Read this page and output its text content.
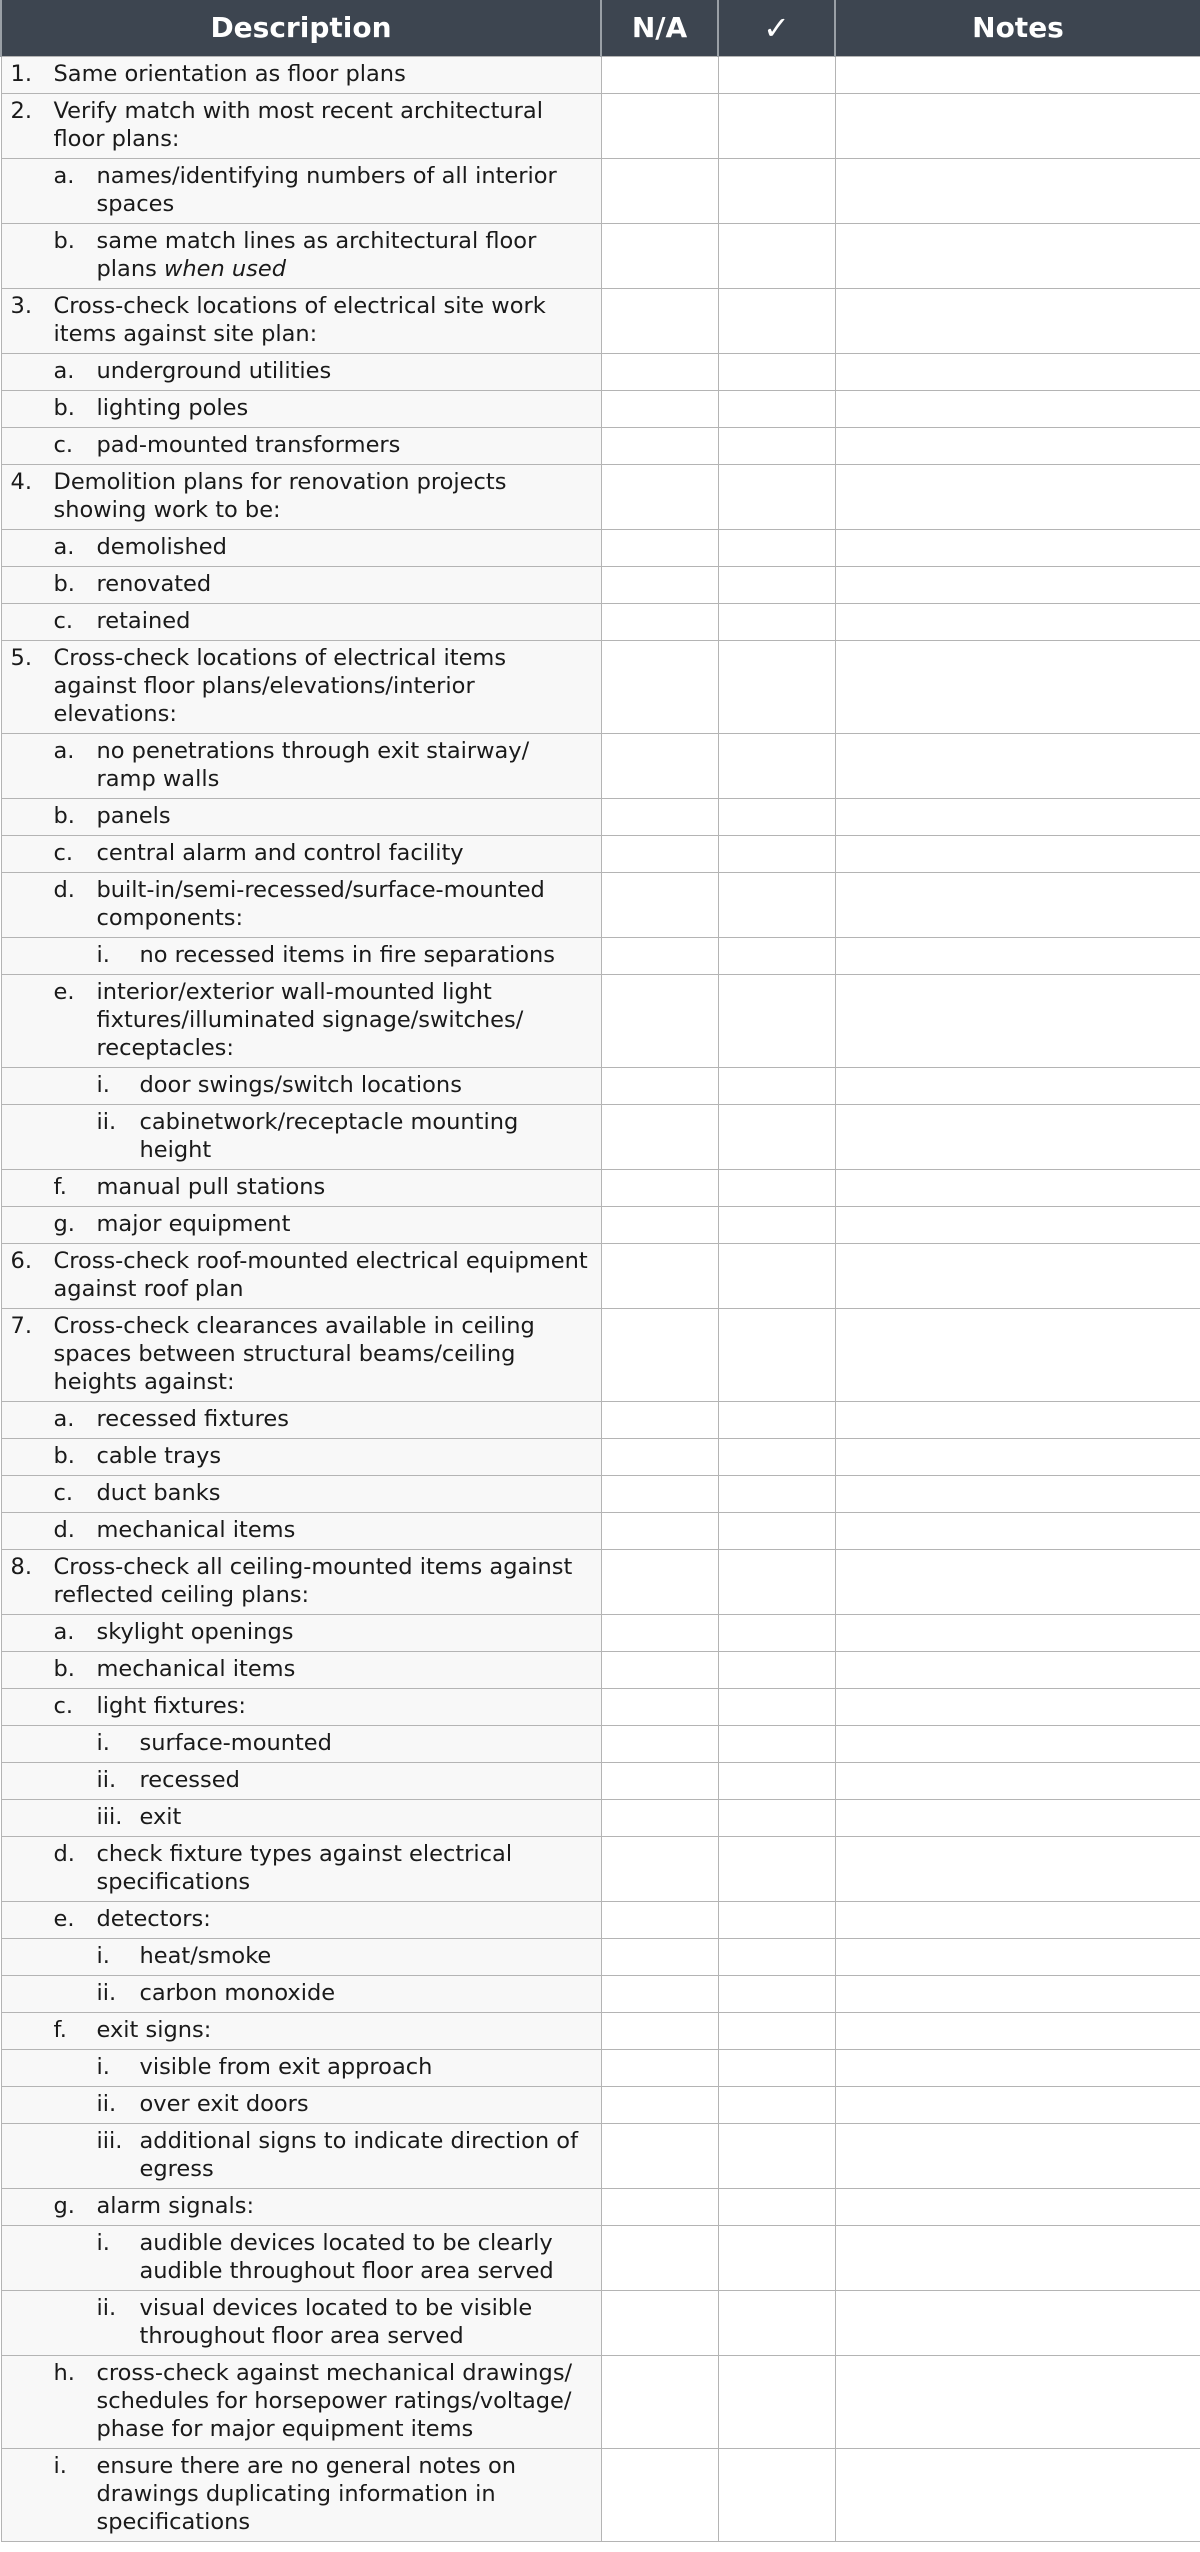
Description	N/A	✓	Notes

1. Same orientation as floor plans			

2. Verify match with most recent architectural floor plans:			

a. names/identifying numbers of all interior spaces			

b. same match lines as architectural floor plans when used			

3. Cross-check locations of electrical site work items against site plan:			

a. underground utilities			

b. lighting poles			

c. pad-mounted transformers			

4. Demolition plans for renovation projects showing work to be:			

a. demolished			

b. renovated			

c. retained			

5. Cross-check locations of electrical items against floor plans/elevations/interior elevations:			

a. no penetrations through exit stairway/ ramp walls			

b. panels			

c. central alarm and control facility			

d. built-in/semi-recessed/surface-mounted components:			

i. no recessed items in fire separations			

e. interior/exterior wall-mounted light fixtures/illuminated signage/switches/ receptacles:			

i. door swings/switch locations			

ii. cabinetwork/receptacle mounting height			

f. manual pull stations			

g. major equipment			

6. Cross-check roof-mounted electrical equipment against roof plan			

7. Cross-check clearances available in ceiling spaces between structural beams/ceiling heights against:			

a. recessed fixtures			

b. cable trays			

c. duct banks			

d. mechanical items			

8. Cross-check all ceiling-mounted items against reflected ceiling plans:			

a. skylight openings			

b. mechanical items			

c. light fixtures:			

i. surface-mounted			

ii. recessed			

iii. exit			

d. check fixture types against electrical specifications			

e. detectors:			

i. heat/smoke			

ii. carbon monoxide			

f. exit signs:			

i. visible from exit approach			

ii. over exit doors			

iii. additional signs to indicate direction of egress			

g. alarm signals:			

i. audible devices located to be clearly audible throughout floor area served			

ii. visual devices located to be visible throughout floor area served			

h. cross-check against mechanical drawings/ schedules for horsepower ratings/voltage/ phase for major equipment items			

i. ensure there are no general notes on drawings duplicating information in specifications			
